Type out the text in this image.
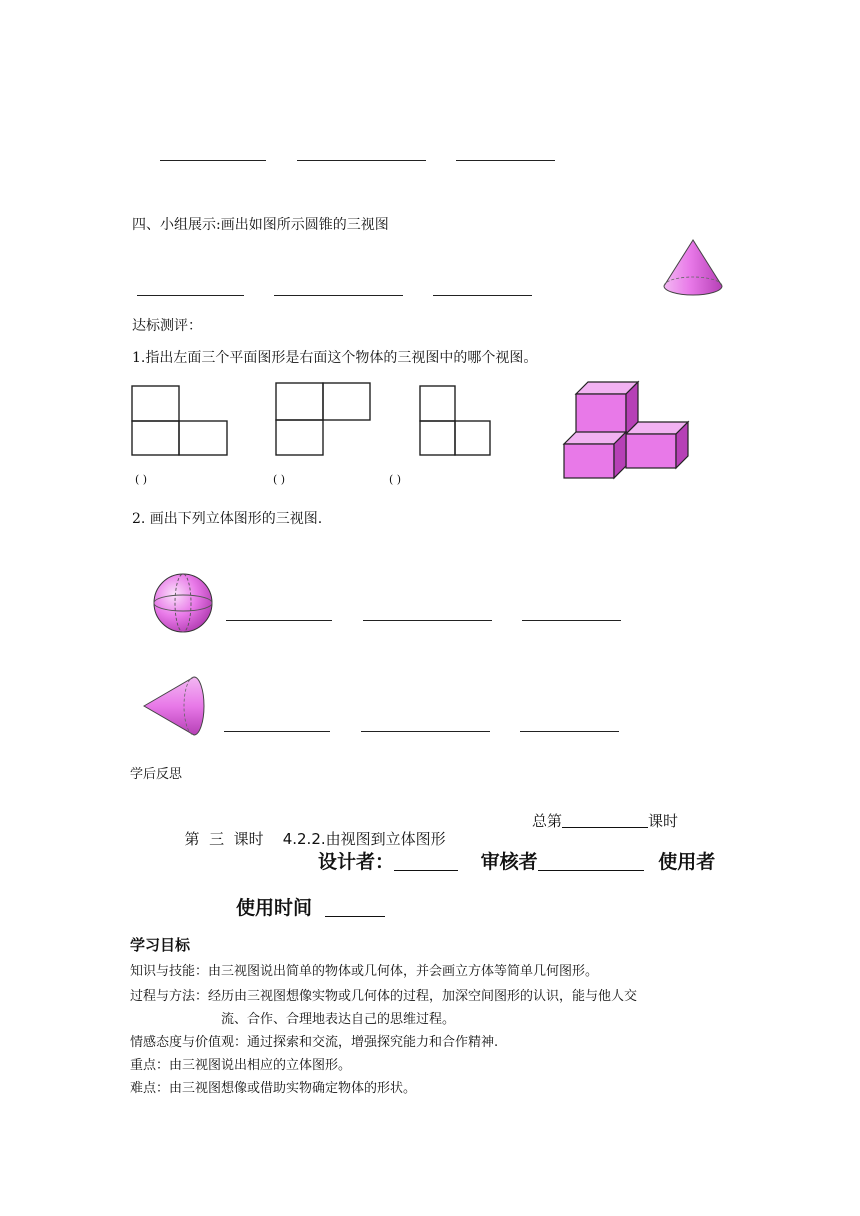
四、小组展示:画出如图所示圆锥的三视图
达标测评：
1.指出左面三个平面图形是右面这个物体的三视图中的哪个视图。
( )	( )	( )
2. 画出下列立体图形的三视图.
学后反思

第  三  课时    4.2.2.由视图到立体图形

总第	课时
设计者：	审核者	使用者
使用时间
学习目标
知识与技能：由三视图说出简单的物体或几何体，并会画立方体等简单几何图形。
过程与方法：经历由三视图想像实物或几何体的过程，加深空间图形的认识，能与他人交
流、合作、合理地表达自己的思维过程。
情感态度与价值观：通过探索和交流，增强探究能力和合作精神.
重点：由三视图说出相应的立体图形。
难点：由三视图想像或借助实物确定物体的形状。
